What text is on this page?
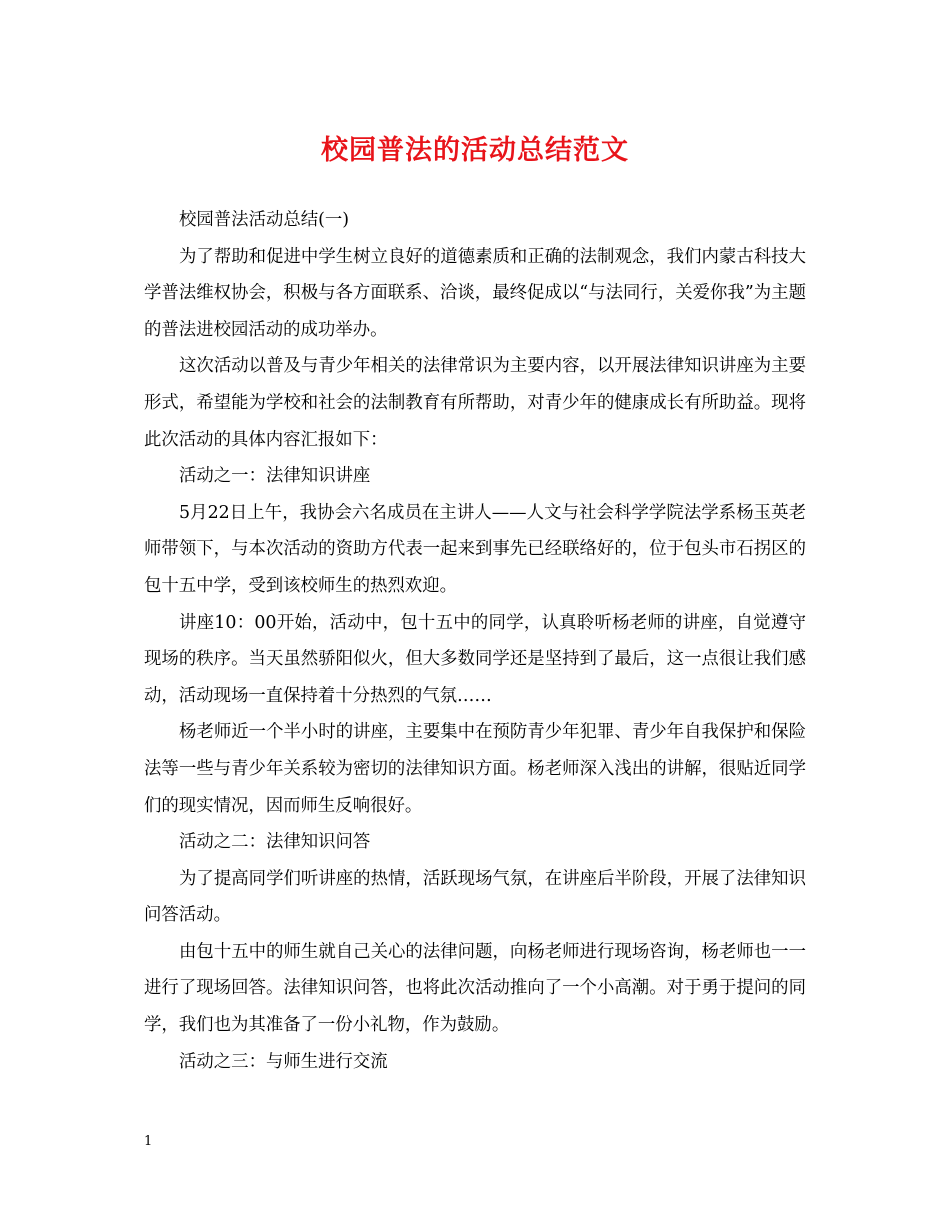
校园普法的活动总结范文

校园普法活动总结(一)

为了帮助和促进中学生树立良好的道德素质和正确的法制观念，我们内蒙古科技大学普法维权协会，积极与各方面联系、洽谈，最终促成以“与法同行，关爱你我”为主题的普法进校园活动的成功举办。

这次活动以普及与青少年相关的法律常识为主要内容，以开展法律知识讲座为主要形式，希望能为学校和社会的法制教育有所帮助，对青少年的健康成长有所助益。现将此次活动的具体内容汇报如下：

活动之一：法律知识讲座

5月22日上午，我协会六名成员在主讲人——人文与社会科学学院法学系杨玉英老师带领下，与本次活动的资助方代表一起来到事先已经联络好的，位于包头市石拐区的包十五中学，受到该校师生的热烈欢迎。

讲座10：00开始，活动中，包十五中的同学，认真聆听杨老师的讲座，自觉遵守现场的秩序。当天虽然骄阳似火，但大多数同学还是坚持到了最后，这一点很让我们感动，活动现场一直保持着十分热烈的气氛……

杨老师近一个半小时的讲座，主要集中在预防青少年犯罪、青少年自我保护和保险法等一些与青少年关系较为密切的法律知识方面。杨老师深入浅出的讲解，很贴近同学们的现实情况，因而师生反响很好。

活动之二：法律知识问答

为了提高同学们听讲座的热情，活跃现场气氛，在讲座后半阶段，开展了法律知识问答活动。

由包十五中的师生就自己关心的法律问题，向杨老师进行现场咨询，杨老师也一一进行了现场回答。法律知识问答，也将此次活动推向了一个小高潮。对于勇于提问的同学，我们也为其准备了一份小礼物，作为鼓励。

活动之三：与师生进行交流

1
